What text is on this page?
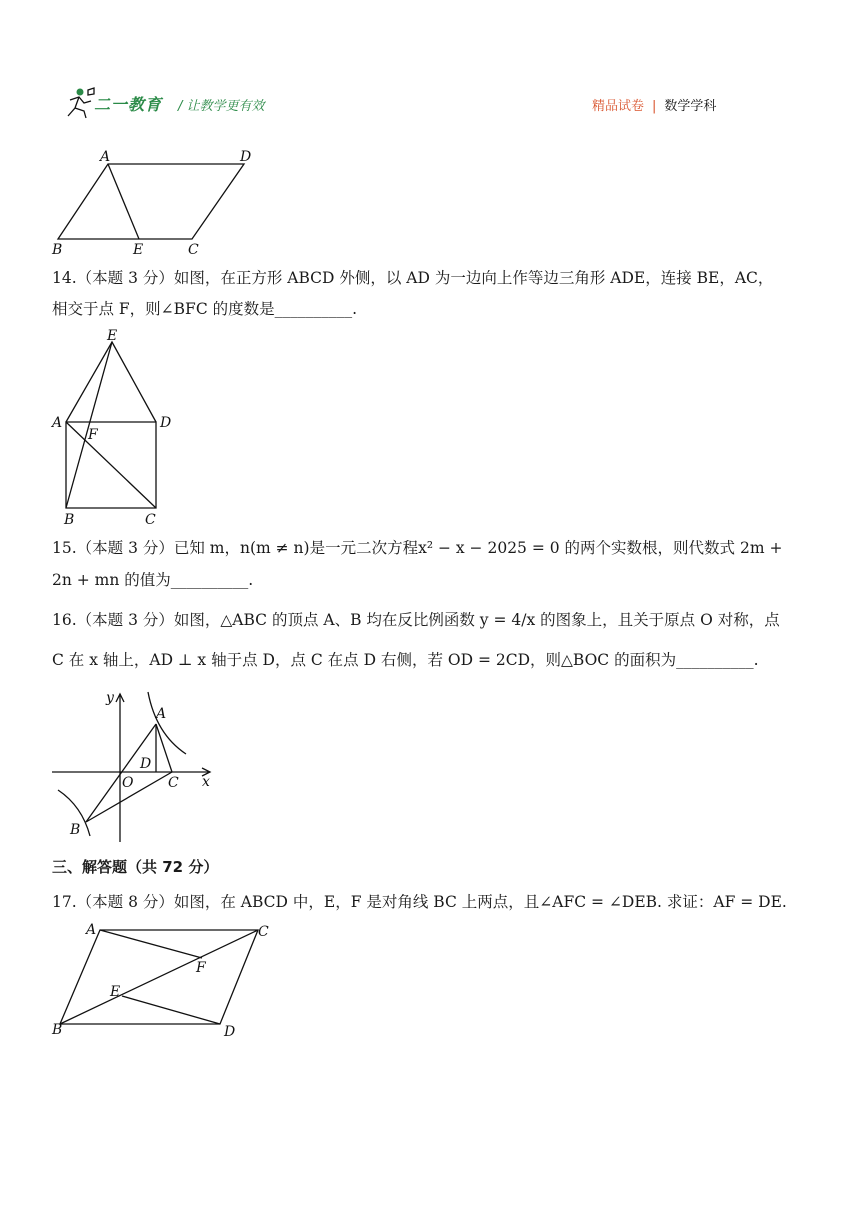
二一教育 / 让教学更有效	精品试卷 | 数学学科
A	D
B	E	C
14.（本题 3 分）如图，在正方形 ABCD 外侧，以 AD 为一边向上作等边三角形 ADE，连接 BE，AC，
相交于点 F，则∠BFC 的度数是__________.
E
A	D
F
B	C
15.（本题 3 分）已知 m，n(m ≠ n)是一元二次方程x² − x − 2025 = 0 的两个实数根，则代数式 2m +
2n + mn 的值为__________.
16.（本题 3 分）如图，△ABC 的顶点 A、B 均在反比例函数 y = 4/x 的图象上，且关于原点 O 对称，点
C 在 x 轴上，AD ⊥ x 轴于点 D，点 C 在点 D 右侧，若 OD = 2CD，则△BOC 的面积为__________.
y
x
A
D
O C
B
三、解答题（共 72 分）
17.（本题 8 分）如图，在 ABCD 中，E，F 是对角线 BC 上两点，且∠AFC = ∠DEB. 求证：AF = DE.
A	C
F
E
B	D
